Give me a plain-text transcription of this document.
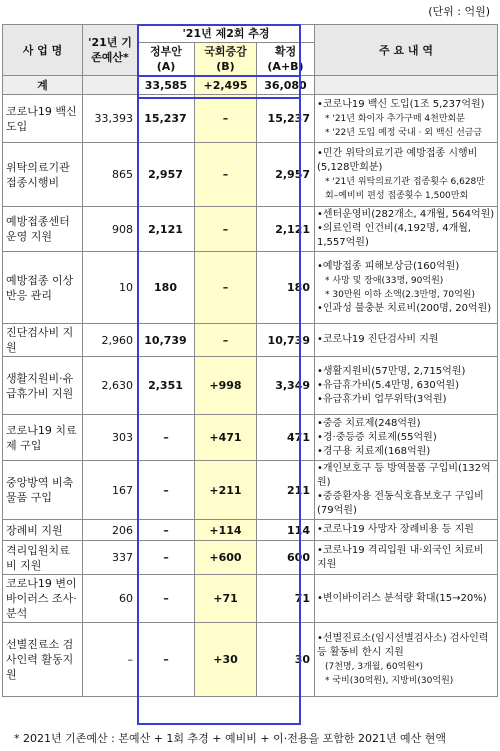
(단위 : 억원)
사 업 명	'21년 기존예산*	'21년 제2회 추경			주 요 내 역
		정부안 (A)	국회증감 (B)	확정 (A+B)	
계		33,585	+2,495	36,080	
코로나19 백신도입	33,393	15,237	–	15,237	•코로나19 백신 도입(1조 5,237억원)
* '21년 화이자 추가구매 4천만회분
* '22년 도입 예정 국내 · 외 백신 선금금

위탁의료기관 접종시행비	865	2,957	–	2,957	•민간 위탁의료기관 예방접종 시행비(5,128만회분)
* '21년 위탁의료기관 접종횟수 6,628만회–예비비 편성 접종횟수 1,500만회

예방접종센터 운영 지원	908	2,121	–	2,121	•센터운영비(282개소, 4개월, 564억원)
•의료인력 인건비(4,192명, 4개월, 1,557억원)

예방접종 이상반응 관리	10	180	–	180	•예방접종 피해보상금(160억원)
* 사망 및 장애(33명, 90억원)
* 30만원 이하 소액(2.3만명, 70억원)
•인과성 불충분 치료비(200명, 20억원)

진단검사비 지원	2,960	10,739	–	10,739	•코로나19 진단검사비 지원

생활지원비·유급휴가비 지원	2,630	2,351	+998	3,349	•생활지원비(57만명, 2,715억원)
•유급휴가비(5.4만명, 630억원)
•유급휴가비 업무위탁(3억원)

코로나19 치료제 구입	303	–	+471	471	•중증 치료제(248억원)
•경·중등증 치료제(55억원)
•경구용 치료제(168억원)

중앙방역 비축물품 구입	167	–	+211	211	•개인보호구 등 방역물품 구입비(132억원)
•중증환자용 전동식호흡보호구 구입비(79억원)

장례비 지원	206	–	+114	114	•코로나19 사망자 장례비용 등 지원

격리입원치료비 지원	337	–	+600	600	•코로나19 격리입원 내·외국인 치료비 지원

코로나19 변이바이러스 조사·분석	60	–	+71	71	•변이바이러스 분석량 확대(15→20%)

선별진료소 검사인력 활동지원	–	–	+30	30	•선별진료소(임시선별검사소) 검사인력 등 활동비 한시 지원
(7천명, 3개월, 60억원*)
* 국비(30억원), 지방비(30억원)
* 2021년 기존예산 : 본예산 + 1회 추경 + 예비비 + 이·전용을 포함한 2021년 예산 현액
